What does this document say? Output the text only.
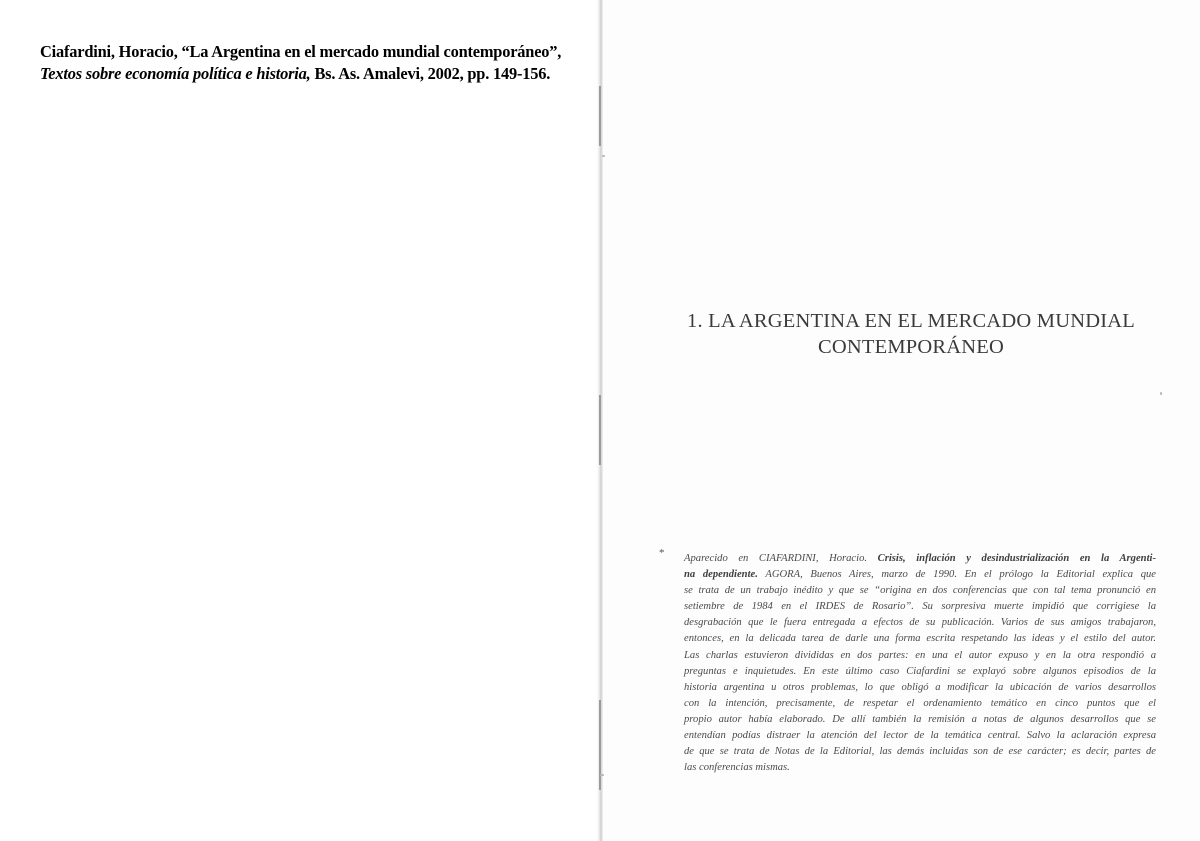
Ciafardini, Horacio, “La Argentina en el mercado mundial contemporáneo”,
Textos sobre economía política e historia, Bs. As. Amalevi, 2002, pp. 149-156.
1. LA ARGENTINA EN EL MERCADO MUNDIAL
CONTEMPORÁNEO
* Aparecido en CIAFARDINI, Horacio. Crisis, inflación y desindustrialización en la Argenti-
na dependiente. AGORA, Buenos Aires, marzo de 1990. En el prólogo la Editorial explica que
se trata de un trabajo inédito y que se “origina en dos conferencias que con tal tema pronunció en
setiembre de 1984 en el IRDES de Rosario”. Su sorpresiva muerte impidió que corrigiese la
desgrabación que le fuera entregada a efectos de su publicación. Varios de sus amigos trabajaron,
entonces, en la delicada tarea de darle una forma escrita respetando las ideas y el estilo del autor.
Las charlas estuvieron divididas en dos partes: en una el autor expuso y en la otra respondió a
preguntas e inquietudes. En este último caso Ciafardini se explayó sobre algunos episodios de la
historia argentina u otros problemas, lo que obligó a modificar la ubicación de varios desarrollos
con la intención, precisamente, de respetar el ordenamiento temático en cinco puntos que el
propio autor había elaborado. De allí también la remisión a notas de algunos desarrollos que se
entendían podías distraer la atención del lector de la temática central. Salvo la aclaración expresa
de que se trata de Notas de la Editorial, las demás incluidas son de ese carácter; es decir, partes de
las conferencias mismas.
